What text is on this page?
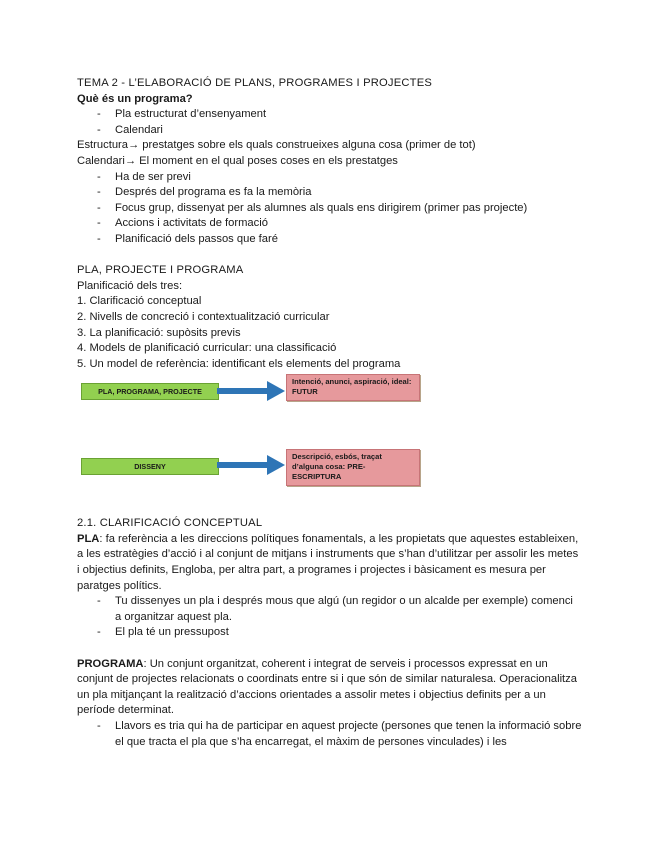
TEMA 2 - L’ELABORACIÓ DE PLANS, PROGRAMES I PROJECTES
Què és un programa?
- Pla estructurat d’ensenyament
- Calendari
Estructura→ prestatges sobre els quals construeixes alguna cosa (primer de tot)
Calendari→ El moment en el qual poses coses en els prestatges
- Ha de ser previ
- Després del programa es fa la memòria
- Focus grup, dissenyat per als alumnes als quals ens dirigirem (primer pas projecte)
- Accions i activitats de formació
- Planificació dels passos que faré
PLA, PROJECTE I PROGRAMA
Planificació dels tres:
1. Clarificació conceptual
2. Nivells de concreció i contextualització curricular
3. La planificació: supòsits previs
4. Models de planificació curricular: una classificació
5. Un model de referència: identificant els elements del programa
PLA, PROGRAMA, PROJECTE
Intenció, anunci, aspiració, ideal: FUTUR
DISSENY
Descripció, esbós, traçat d’alguna cosa: PRE-ESCRIPTURA
2.1. CLARIFICACIÓ CONCEPTUAL
PLA: fa referència a les direccions polítiques fonamentals, a les propietats que aquestes estableixen, a les estratègies d’acció i al conjunt de mitjans i instruments que s’han d’utilitzar per assolir les metes i objectius definits, Engloba, per altra part, a programes i projectes i bàsicament es mesura per paratges polítics.
- Tu dissenyes un pla i després mous que algú (un regidor o un alcalde per exemple) comenci a organitzar aquest pla.
- El pla té un pressupost
PROGRAMA: Un conjunt organitzat, coherent i integrat de serveis i processos expressat en un conjunt de projectes relacionats o coordinats entre si i que són de similar naturalesa. Operacionalitza un pla mitjançant la realització d’accions orientades a assolir metes i objectius definits per a un període determinat.
- Llavors es tria qui ha de participar en aquest projecte (persones que tenen la informació sobre el que tracta el pla que s’ha encarregat, el màxim de persones vinculades) i les
